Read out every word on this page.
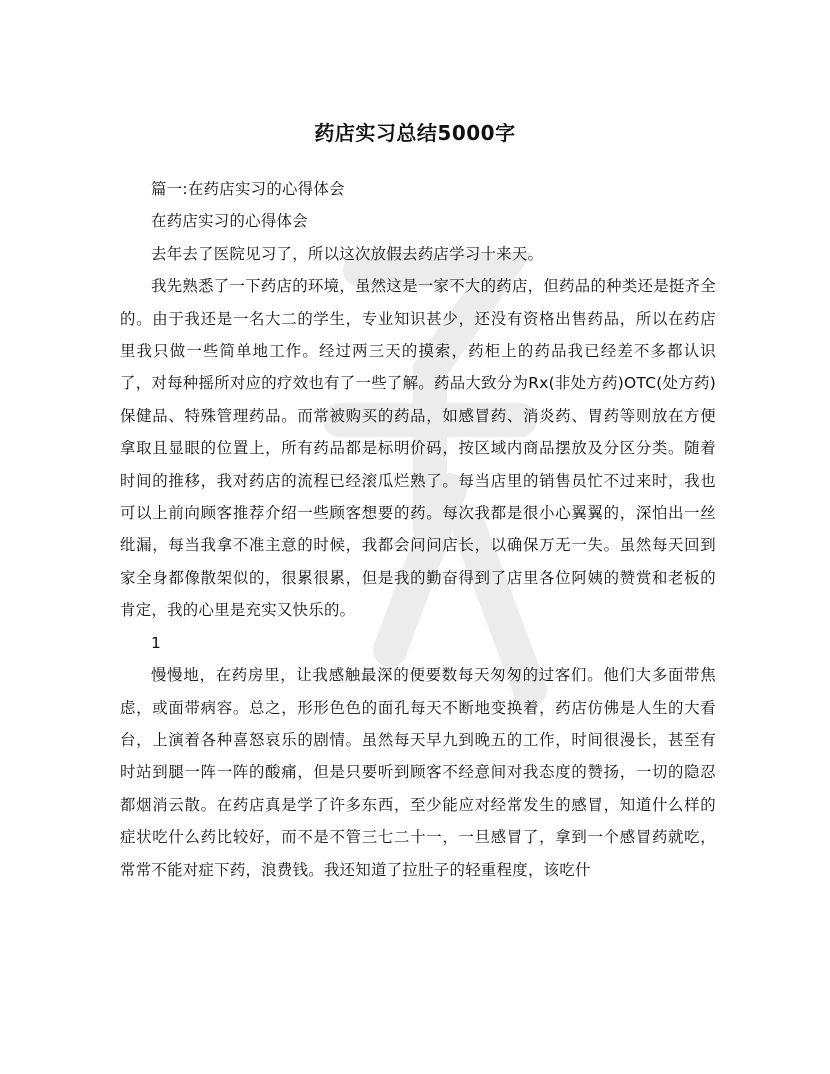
药店实习总结5000字

篇一:在药店实习的心得体会

在药店实习的心得体会

去年去了医院见习了，所以这次放假去药店学习十来天。

我先熟悉了一下药店的环境，虽然这是一家不大的药店，但药品的种类还是挺齐全的。由于我还是一名大二的学生，专业知识甚少，还没有资格出售药品，所以在药店里我只做一些简单地工作。经过两三天的摸索，药柜上的药品我已经差不多都认识了，对每种摇所对应的疗效也有了一些了解。药品大致分为Rx(非处方药)OTC(处方药)保健品、特殊管理药品。而常被购买的药品，如感冒药、消炎药、胃药等则放在方便拿取且显眼的位置上，所有药品都是标明价码，按区域内商品摆放及分区分类。随着时间的推移，我对药店的流程已经滚瓜烂熟了。每当店里的销售员忙不过来时，我也可以上前向顾客推荐介绍一些顾客想要的药。每次我都是很小心翼翼的，深怕出一丝纰漏，每当我拿不准主意的时候，我都会问问店长，以确保万无一失。虽然每天回到家全身都像散架似的，很累很累，但是我的勤奋得到了店里各位阿姨的赞赏和老板的肯定，我的心里是充实又快乐的。

1

慢慢地，在药房里，让我感触最深的便要数每天匆匆的过客们。他们大多面带焦虑，或面带病容。总之，形形色色的面孔每天不断地变换着，药店仿佛是人生的大看台，上演着各种喜怒哀乐的剧情。虽然每天早九到晚五的工作，时间很漫长，甚至有时站到腿一阵一阵的酸痛，但是只要听到顾客不经意间对我态度的赞扬，一切的隐忍都烟消云散。在药店真是学了许多东西，至少能应对经常发生的感冒，知道什么样的症状吃什么药比较好，而不是不管三七二十一，一旦感冒了，拿到一个感冒药就吃，常常不能对症下药，浪费钱。我还知道了拉肚子的轻重程度，该吃什
